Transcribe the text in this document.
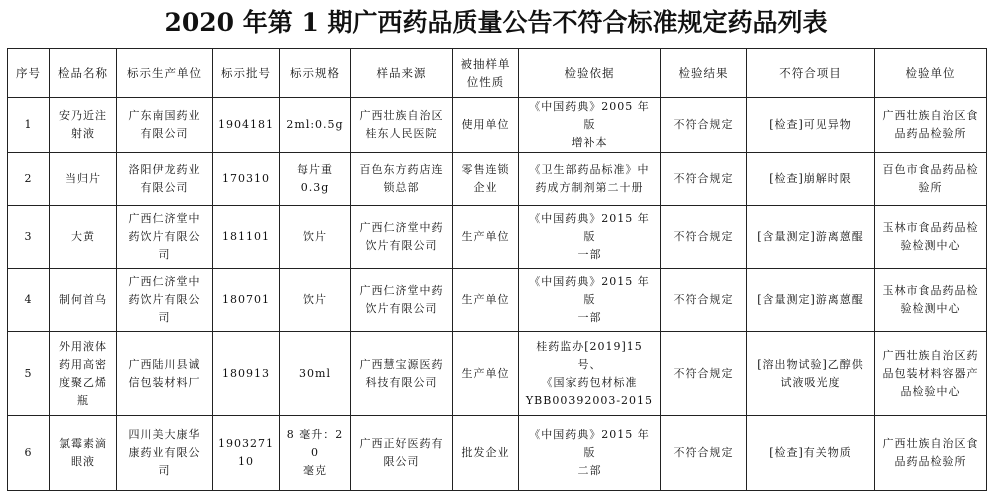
2020 年第 1 期广西药品质量公告不符合标准规定药品列表
序号	检品名称	标示生产单位	标示批号	标示规格	样品来源	被抽样单
位性质	检验依据	检验结果	不符合项目	检验单位
1	安乃近注
射液	广东南国药业
有限公司	1904181	2ml:0.5g	广西壮族自治区
桂东人民医院	使用单位	《中国药典》2005 年版
增补本	不符合规定	[检查]可见异物	广西壮族自治区食
品药品检验所
2	当归片	洛阳伊龙药业
有限公司	170310	每片重
0.3g	百色东方药店连
锁总部	零售连锁
企业	《卫生部药品标准》中
药成方制剂第二十册	不符合规定	[检查]崩解时限	百色市食品药品检
验所
3	大黄	广西仁济堂中
药饮片有限公
司	181101	饮片	广西仁济堂中药
饮片有限公司	生产单位	《中国药典》2015 年版
一部	不符合规定	[含量测定]游离蒽醌	玉林市食品药品检
验检测中心
4	制何首乌	广西仁济堂中
药饮片有限公
司	180701	饮片	广西仁济堂中药
饮片有限公司	生产单位	《中国药典》2015 年版
一部	不符合规定	[含量测定]游离蒽醌	玉林市食品药品检
验检测中心
5	外用液体
药用高密
度聚乙烯
瓶	广西陆川县诚
信包装材料厂	180913	30ml	广西慧宝源医药
科技有限公司	生产单位	桂药监办[2019]15 号、
《国家药包材标准
YBB00392003-2015	不符合规定	[溶出物试验]乙醇供
试液吸光度	广西壮族自治区药
品包装材料容器产
品检验中心
6	氯霉素滴
眼液	四川美大康华
康药业有限公
司	190327110	8 毫升：20
毫克	广西正好医药有
限公司	批发企业	《中国药典》2015 年版
二部	不符合规定	[检查]有关物质	广西壮族自治区食
品药品检验所
